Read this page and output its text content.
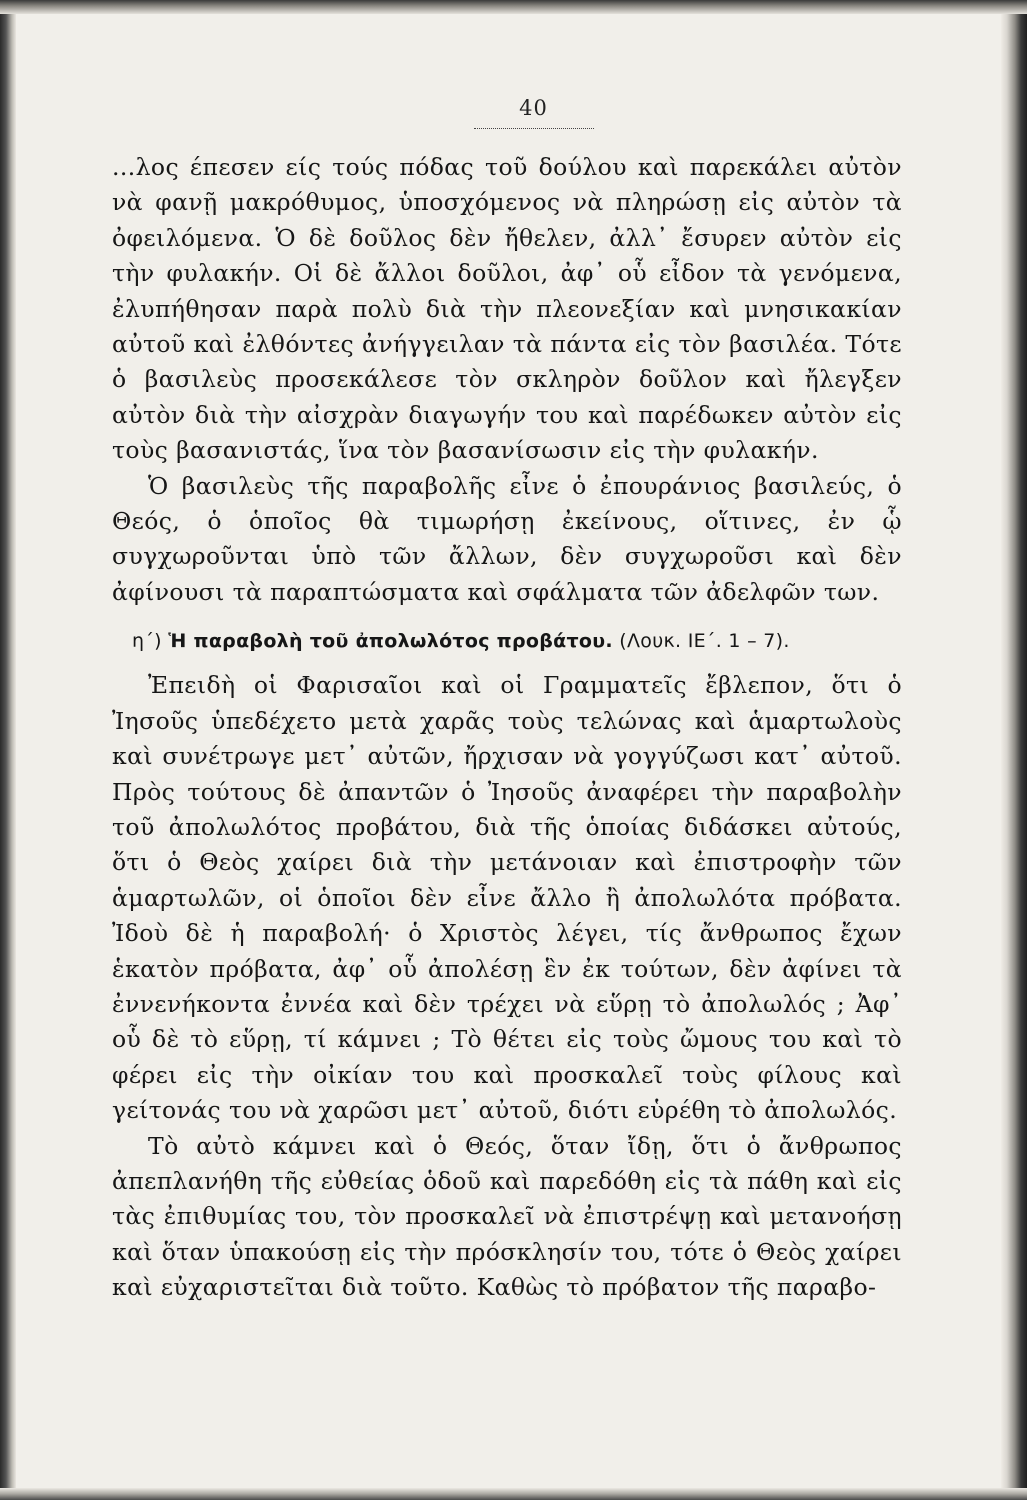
40

...λος έπεσεν είς τούς πόδας τοῦ δούλου καὶ παρεκάλει αὐτὸν νὰ φανῇ μακρόθυμος, ὑποσχόμενος νὰ πληρώσῃ εἰς αὐτὸν τὰ ὀφειλόμενα. Ὁ δὲ δοῦλος δὲν ἤθελεν, ἀλλ᾽ ἔσυρεν αὐτὸν εἰς τὴν φυλακήν. Οἱ δὲ ἄλλοι δοῦλοι, ἀφ᾽ οὗ εἶδον τὰ γενόμενα, ἐλυπήθησαν παρὰ πολὺ διὰ τὴν πλεονεξίαν καὶ μνησικακίαν αὐτοῦ καὶ ἐλθόντες ἀνήγγειλαν τὰ πάντα εἰς τὸν βασιλέα. Τότε ὁ βασιλεὺς προσεκάλεσε τὸν σκληρὸν δοῦλον καὶ ἤλεγξεν αὐτὸν διὰ τὴν αἰσχρὰν διαγωγήν του καὶ παρέδωκεν αὐτὸν εἰς τοὺς βασανιστάς, ἵνα τὸν βασανίσωσιν εἰς τὴν φυλακήν.

Ὁ βασιλεὺς τῆς παραβολῆς εἶνε ὁ ἐπουράνιος βασιλεύς, ὁ Θεός, ὁ ὁποῖος θὰ τιμωρήσῃ ἐκείνους, οἵτινες, ἐν ᾧ συγχωροῦνται ὑπὸ τῶν ἄλλων, δὲν συγχωροῦσι καὶ δὲν ἀφίνουσι τὰ παραπτώσματα καὶ σφάλματα τῶν ἀδελφῶν των.

η´) Ἡ παραβολὴ τοῦ ἀπολωλότος προβάτου. (Λουκ. ΙΕ´. 1 – 7).

Ἐπειδὴ οἱ Φαρισαῖοι καὶ οἱ Γραμματεῖς ἔβλεπον, ὅτι ὁ Ἰησοῦς ὑπεδέχετο μετὰ χαρᾶς τοὺς τελώνας καὶ ἁμαρτωλοὺς καὶ συνέτρωγε μετ᾽ αὐτῶν, ἤρχισαν νὰ γογγύζωσι κατ᾽ αὐτοῦ. Πρὸς τούτους δὲ ἀπαντῶν ὁ Ἰησοῦς ἀναφέρει τὴν παραβολὴν τοῦ ἀπολωλότος προβάτου, διὰ τῆς ὁποίας διδάσκει αὐτούς, ὅτι ὁ Θεὸς χαίρει διὰ τὴν μετάνοιαν καὶ ἐπιστροφὴν τῶν ἁμαρτωλῶν, οἱ ὁποῖοι δὲν εἶνε ἄλλο ἢ ἀπολωλότα πρόβατα. Ἰδοὺ δὲ ἡ παραβολή· ὁ Χριστὸς λέγει, τίς ἄνθρωπος ἔχων ἑκατὸν πρόβατα, ἀφ᾽ οὗ ἀπολέσῃ ἓν ἐκ τούτων, δὲν ἀφίνει τὰ ἐννενήκοντα ἐννέα καὶ δὲν τρέχει νὰ εὕρῃ τὸ ἀπολωλός ; Ἀφ᾽ οὗ δὲ τὸ εὕρῃ, τί κάμνει ; Τὸ θέτει εἰς τοὺς ὤμους του καὶ τὸ φέρει εἰς τὴν οἰκίαν του καὶ προσκαλεῖ τοὺς φίλους καὶ γείτονάς του νὰ χαρῶσι μετ᾽ αὐτοῦ, διότι εὑρέθη τὸ ἀπολωλός.

Τὸ αὐτὸ κάμνει καὶ ὁ Θεός, ὅταν ἴδῃ, ὅτι ὁ ἄνθρωπος ἀπεπλανήθη τῆς εὐθείας ὁδοῦ καὶ παρεδόθη εἰς τὰ πάθη καὶ εἰς τὰς ἐπιθυμίας του, τὸν προσκαλεῖ νὰ ἐπιστρέψῃ καὶ μετανοήσῃ καὶ ὅταν ὑπακούσῃ εἰς τὴν πρόσκλησίν του, τότε ὁ Θεὸς χαίρει καὶ εὐχαριστεῖται διὰ τοῦτο. Καθὼς τὸ πρόβατον τῆς παραβο-
